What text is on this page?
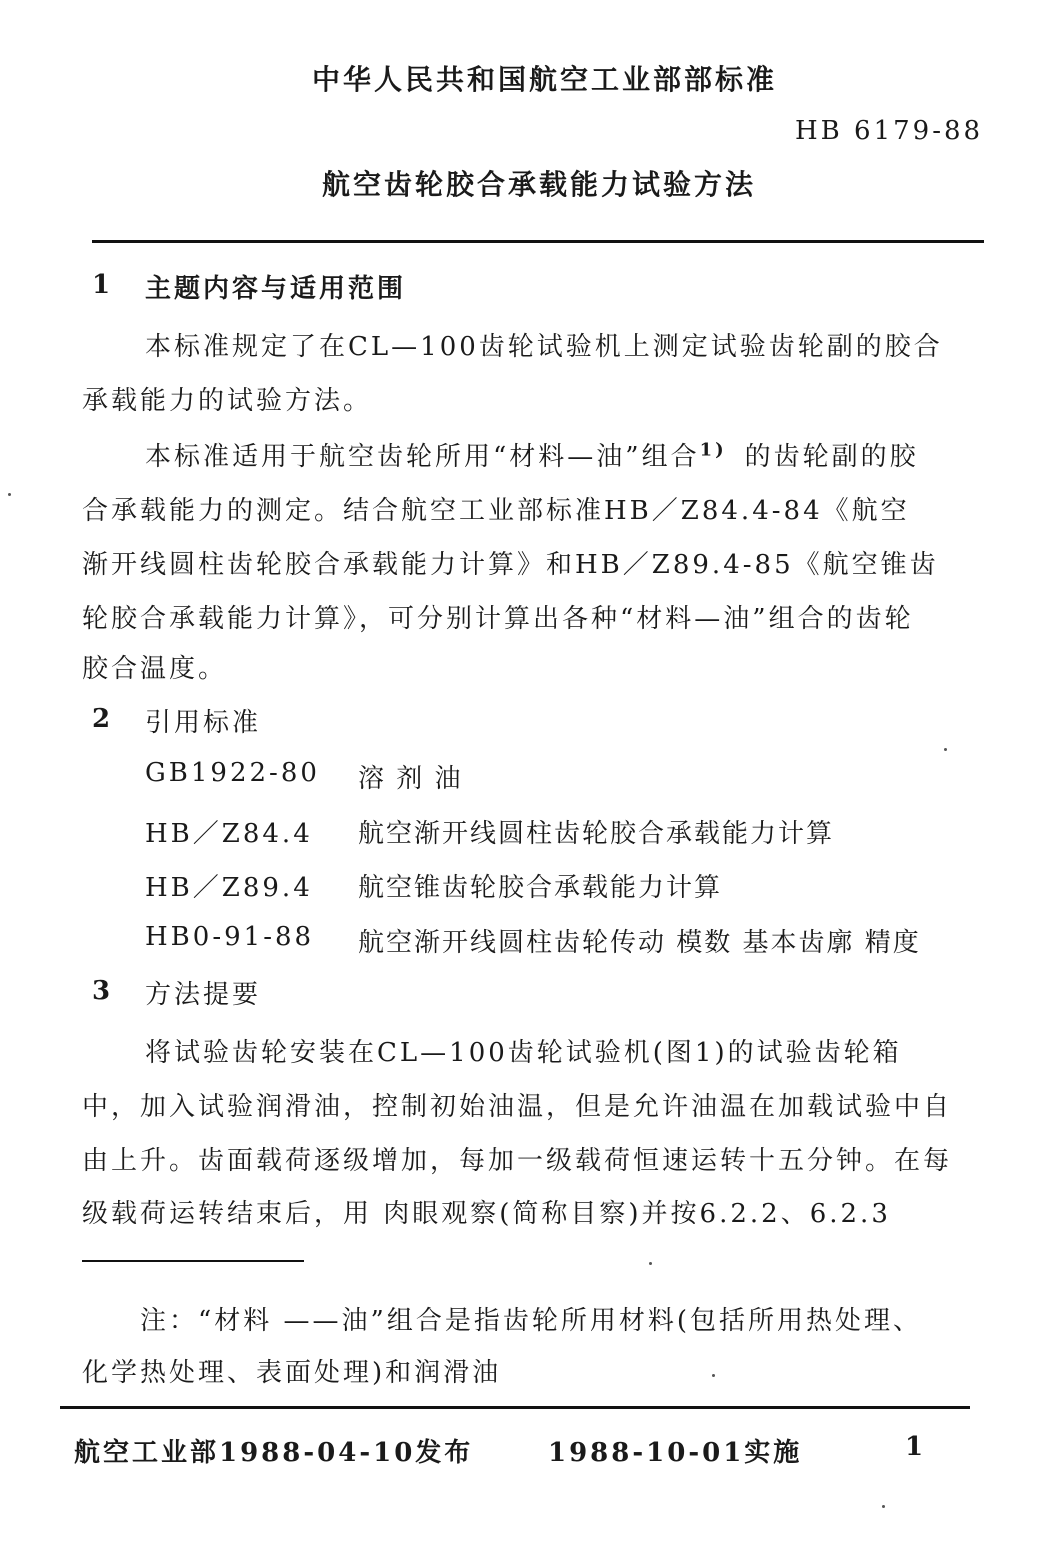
中华人民共和国航空工业部部标准
HB 6179-88
航空齿轮胶合承载能力试验方法
1 主题内容与适用范围
本标准规定了在CL—100齿轮试验机上测定试验齿轮副的胶合
承载能力的试验方法。
本标准适用于航空齿轮所用“材料—油”组合$^{1)}$ 的齿轮副的胶
合承载能力的测定。结合航空工业部标准HB／Z84.4-84《航空
渐开线圆柱齿轮胶合承载能力计算》和HB／Z89.4-85《航空锥齿
轮胶合承载能力计算》，可分别计算出各种“材料—油”组合的齿轮
胶合温度。
2 引用标准
GB1922-80 溶 剂 油
HB／Z84.4 航空渐开线圆柱齿轮胶合承载能力计算
HB／Z89.4 航空锥齿轮胶合承载能力计算
HB0-91-88 航空渐开线圆柱齿轮传动 模数 基本齿廓 精度
3 方法提要
将试验齿轮安装在CL—100齿轮试验机(图1)的试验齿轮箱
中，加入试验润滑油，控制初始油温，但是允许油温在加载试验中自
由上升。齿面载荷逐级增加，每加一级载荷恒速运转十五分钟。在每
级载荷运转结束后，用 肉眼观察(简称目察)并按6.2.2、6.2.3
注：“材料 ——油”组合是指齿轮所用材料(包括所用热处理、
化学热处理、表面处理)和润滑油
航空工业部1988-04-10发布	1988-10-01实施	1
